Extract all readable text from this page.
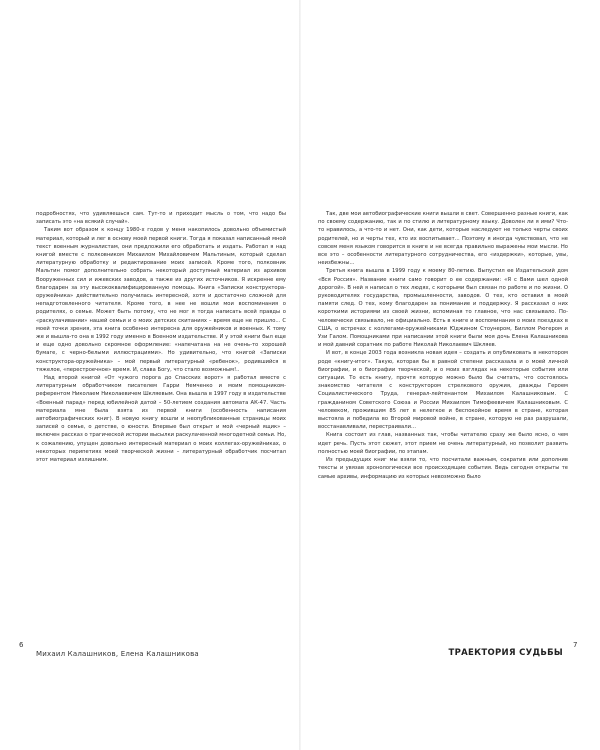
подробностях, что удивляешься сам. Тут-то и приходит мысль о том, что надо бы записать это «на всякий случай».

Таким вот образом к концу 1980-х годов у меня накопилось довольно объемистый материал, который и лег в основу моей первой книги. Тогда я показал написанный мной текст военным журналистам, они предложили его обработать и издать. Работал я над книгой вместе с полковником Михаилом Михайловичем Мальтиным, который сделал литературную обработку и редактирование моих записей. Кроме того, полковник Мальтин помог дополнительно собрать некоторый доступный материал из архивов Вооруженных сил и ижевских заводов, а также из других источников. Я искренне ему благодарен за эту высококвалифицированную помощь. Книга «Записки конструктора-оружейника» действительно получилась интересной, хотя и достаточно сложной для непадготовленного читателя. Кроме того, в нее не вошли мои воспоминания о родителях, о семье. Может быть потому, что не мог я тогда написать всей правды о «раскулачивании» нашей семьи и о моих детских скитаниях – время еще не пришло... С моей точки зрения, эта книга особенно интересна для оружейников и военных. К тому же и вышла-то она в 1992 году именно в Военном издательстве. И у этой книги был еще и еще одно довольно скромное оформление: «напечатана на не очень-то хорошей бумаге, с черно-белыми иллюстрациями». Но удивительно, что книгой «Записки конструктора-оружейника» – мой первый литературный «ребенок», родившийся в тяжелое, «перестроечное» время. И, слава Богу, что стало возможным!..

Над второй книгой «От чужого порога до Спасских ворот» я работал вместе с литературным обработчиком писателем Гарри Немченко и моим помощником-референтом Николаем Николаевичем Шкляевым. Она вышла в 1997 году в издательстве «Военный парад» перед юбилейной датой – 50-летием создания автомата АК-47. Часть материала мне была взята из первой книги (особенность написания автобиографических книг). В новую книгу вошли и неопубликованные страницы моих записей о семье, о детстве, о юности. Впервые был открыт и мой «черный ящик» – включен рассказ о трагической истории высылки раскулаченной многодетной семьи. Но, к сожалению, упущен довольно интересный материал о моих коллегах-оружейниках, о некоторых перипетиях моей творческой жизни – литературный обработчик посчитал этот материал излишним.

Так, две мои автобиографические книги вышли в свет. Совершенно разные книги, как по своему содержанию, так и по стилю и литературному языку. Доволен ли я ими? Что-то нравилось, а что-то и нет. Они, как дети, которые наследуют не только черты своих родителей, но и черты тех, кто их воспитывает... Поэтому я иногда чувствовал, что не совсем меня языком говорится в книге и не всегда правильно выражены мои мысли. Но все это – особенности литературного сотрудничества, его «издержки», которые, увы, неизбежны...

Третья книга вышла в 1999 году к моему 80-летию. Выпустил ее Издательский дом «Вся Россия». Название книги само говорит о ее содержании: «Я с Вами шел одной дорогой». В ней я написал о тех людях, с которыми был связан по работе и по жизни. О руководителях государства, промышленности, заводов. О тех, кто оставил в моей памяти след. О тех, кому благодарен за понимание и поддержку. Я рассказал о них короткими историями из своей жизни, вспоминая то главное, что нас связывало. По-человечески связывало, не официально. Есть в книге и воспоминания о моих поездках в США, о встречах с коллегами-оружейниками Юджином Стоунером, Биллом Рюгером и Узи Галом. Помощниками при написании этой книги были моя дочь Елена Калашникова и мой давний соратник по работе Николай Николаевич Шкляев.

И вот, в конце 2003 года возникла новая идея – создать и опубликовать в некотором роде «книгу-итог». Такую, которая бы в равной степени рассказала и о моей личной биографии, и о биографии творческой, и о моих взглядах на некоторые события или ситуации. То есть книгу, прочтя которую можно было бы считать, что состоялось знакомство читателя с конструктором стрелкового оружия, дважды Героем Социалистического Труда, генерал-лейтенантом Михаилом Калашниковым. С гражданином Советского Союза и России Михаилом Тимофеевичем Калашниковым. С человеком, прожившим 85 лет в нелегкое и беспокойное время в стране, которая выстояла и победила во Второй мировой войне, в стране, которую не раз разрушали, восстанавливали, перестраивали...

Книга состоит из глав, названных так, чтобы читателю сразу же было ясно, о чем идет речь. Пусть этот сюжет, этот прием не очень литературный, но позволит развить полностью моей биографии, по этапам.

Из предыдущих книг мы взяли то, что посчитали важным, сократив или дополнив тексты и увязав хронологически все происходящие события. Ведь сегодня открыты те самые архивы, информацию из которых невозможно было

6
Михаил Калашников, Елена Калашникова
7
ТРАЕКТОРИЯ СУДЬБЫ
